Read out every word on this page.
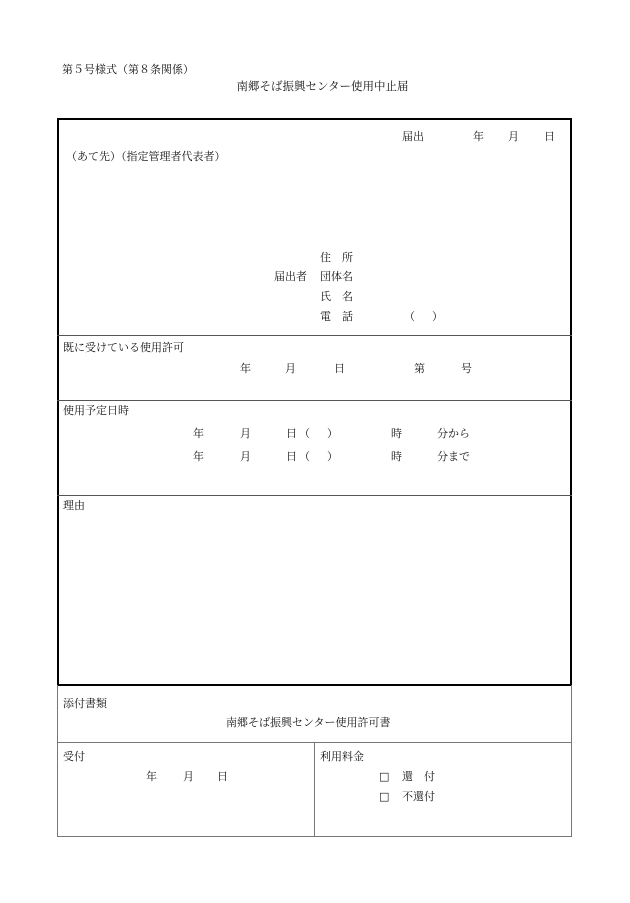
第５号様式（第８条関係）
南郷そば振興センター使用中止届
届出	年 月 日
（あて先）（指定管理者代表者）
住　所
届出者 団体名
氏　名
電　話	（ ）
既に受けている使用許可
年	月	日	第	号
使用予定日時
年	月	日 （ ）	時	分から
年	月	日 （ ）	時	分まで
理由
添付書類
南郷そば振興センター使用許可書
受付
年 月 日
利用料金
□ 還　付
□ 不還付
